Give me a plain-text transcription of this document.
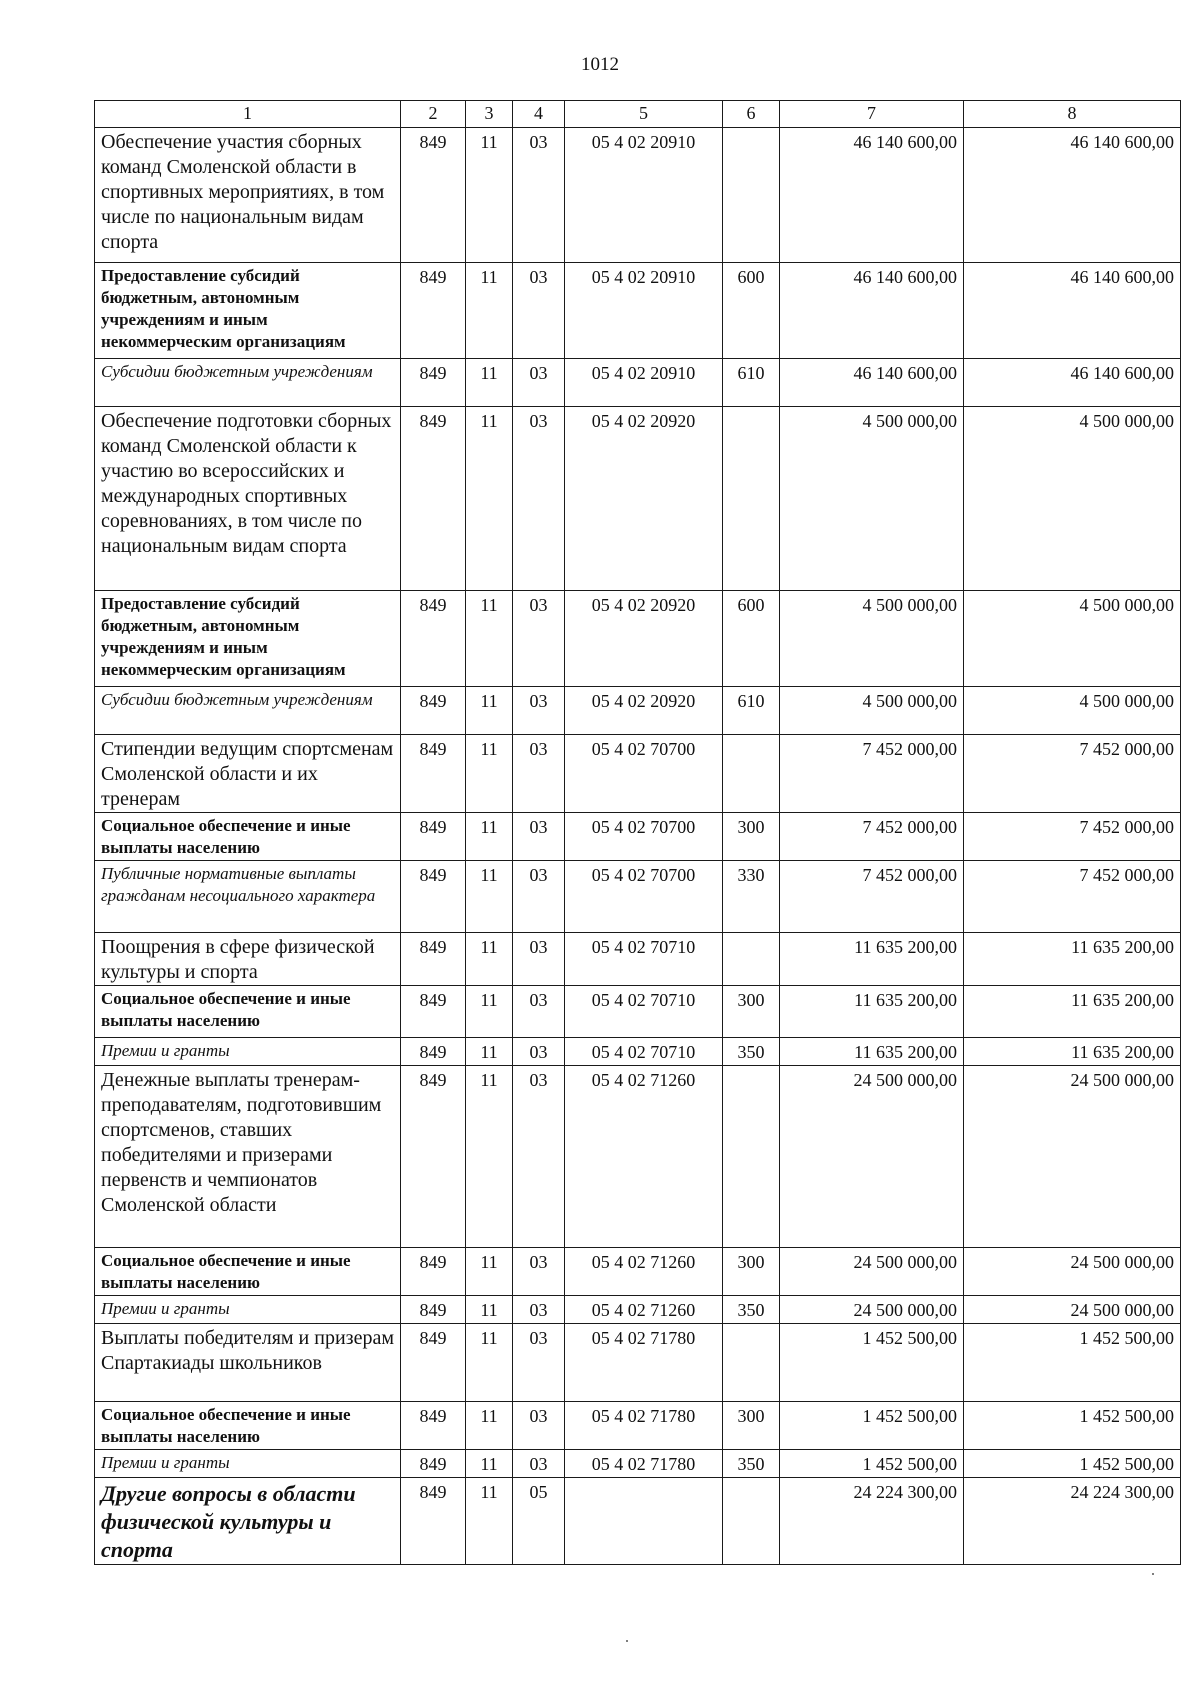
1012
1	2	3	4	5	6	7	8
Обеспечение участия сборных команд Смоленской области в спортивных мероприятиях, в том числе по национальным видам спорта	849	11	03	05 4 02 20910		46 140 600,00	46 140 600,00
Предоставление субсидий бюджетным, автономным учреждениям и иным некоммерческим организациям	849	11	03	05 4 02 20910	600	46 140 600,00	46 140 600,00
Субсидии бюджетным учреждениям	849	11	03	05 4 02 20910	610	46 140 600,00	46 140 600,00
Обеспечение подготовки сборных команд Смоленской области к участию во всероссийских и международных спортивных соревнованиях, в том числе по национальным видам спорта	849	11	03	05 4 02 20920		4 500 000,00	4 500 000,00
Предоставление субсидий бюджетным, автономным учреждениям и иным некоммерческим организациям	849	11	03	05 4 02 20920	600	4 500 000,00	4 500 000,00
Субсидии бюджетным учреждениям	849	11	03	05 4 02 20920	610	4 500 000,00	4 500 000,00
Стипендии ведущим спортсменам Смоленской области и их тренерам	849	11	03	05 4 02 70700		7 452 000,00	7 452 000,00
Социальное обеспечение и иные выплаты населению	849	11	03	05 4 02 70700	300	7 452 000,00	7 452 000,00
Публичные нормативные выплаты гражданам несоциального характера	849	11	03	05 4 02 70700	330	7 452 000,00	7 452 000,00
Поощрения в сфере физической культуры и спорта	849	11	03	05 4 02 70710		11 635 200,00	11 635 200,00
Социальное обеспечение и иные выплаты населению	849	11	03	05 4 02 70710	300	11 635 200,00	11 635 200,00
Премии и гранты	849	11	03	05 4 02 70710	350	11 635 200,00	11 635 200,00
Денежные выплаты тренерам-преподавателям, подготовившим спортсменов, ставших победителями и призерами первенств и чемпионатов Смоленской области	849	11	03	05 4 02 71260		24 500 000,00	24 500 000,00
Социальное обеспечение и иные выплаты населению	849	11	03	05 4 02 71260	300	24 500 000,00	24 500 000,00
Премии и гранты	849	11	03	05 4 02 71260	350	24 500 000,00	24 500 000,00
Выплаты победителям и призерам Спартакиады школьников	849	11	03	05 4 02 71780		1 452 500,00	1 452 500,00
Социальное обеспечение и иные выплаты населению	849	11	03	05 4 02 71780	300	1 452 500,00	1 452 500,00
Премии и гранты	849	11	03	05 4 02 71780	350	1 452 500,00	1 452 500,00
Другие вопросы в области физической культуры и спорта	849	11	05			24 224 300,00	24 224 300,00
